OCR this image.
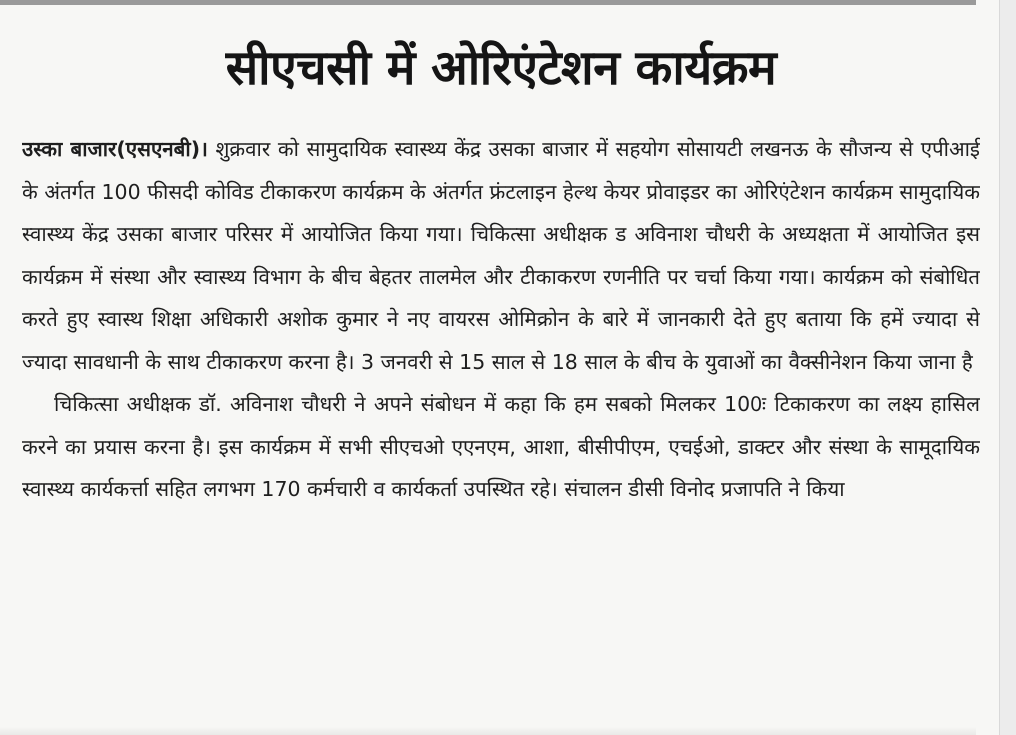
सीएचसी में ओरिएंटेशन कार्यक्रम

उस्का बाजार(एसएनबी)। शुक्रवार को सामुदायिक स्वास्थ्य केंद्र उसका बाजार में सहयोग सोसायटी लखनऊ के सौजन्य से एपीआई के अंतर्गत 100 फीसदी कोविड टीकाकरण कार्यक्रम के अंतर्गत फ्रंटलाइन हेल्थ केयर प्रोवाइडर का ओरिएंटेशन कार्यक्रम सामुदायिक स्वास्थ्य केंद्र उसका बाजार परिसर में आयोजित किया गया। चिकित्सा अधीक्षक ड अविनाश चौधरी के अध्यक्षता में आयोजित इस कार्यक्रम में संस्था और स्वास्थ्य विभाग के बीच बेहतर तालमेल और टीकाकरण रणनीति पर चर्चा किया गया। कार्यक्रम को संबोधित करते हुए स्वास्थ शिक्षा अधिकारी अशोक कुमार ने नए वायरस ओमिक्रोन के बारे में जानकारी देते हुए बताया कि हमें ज्यादा से ज्यादा सावधानी के साथ टीकाकरण करना है। 3 जनवरी से 15 साल से 18 साल के बीच के युवाओं का वैक्सीनेशन किया जाना है

चिकित्सा अधीक्षक डॉ. अविनाश चौधरी ने अपने संबोधन में कहा कि हम सबको मिलकर 100ः टिकाकरण का लक्ष्य हासिल करने का प्रयास करना है। इस कार्यक्रम में सभी सीएचओ एएनएम, आशा, बीसीपीएम, एचईओ, डाक्टर और संस्था के सामूदायिक स्वास्थ्य कार्यकर्त्ता सहित लगभग 170 कर्मचारी व कार्यकर्ता उपस्थित रहे। संचालन डीसी विनोद प्रजापति ने किया
